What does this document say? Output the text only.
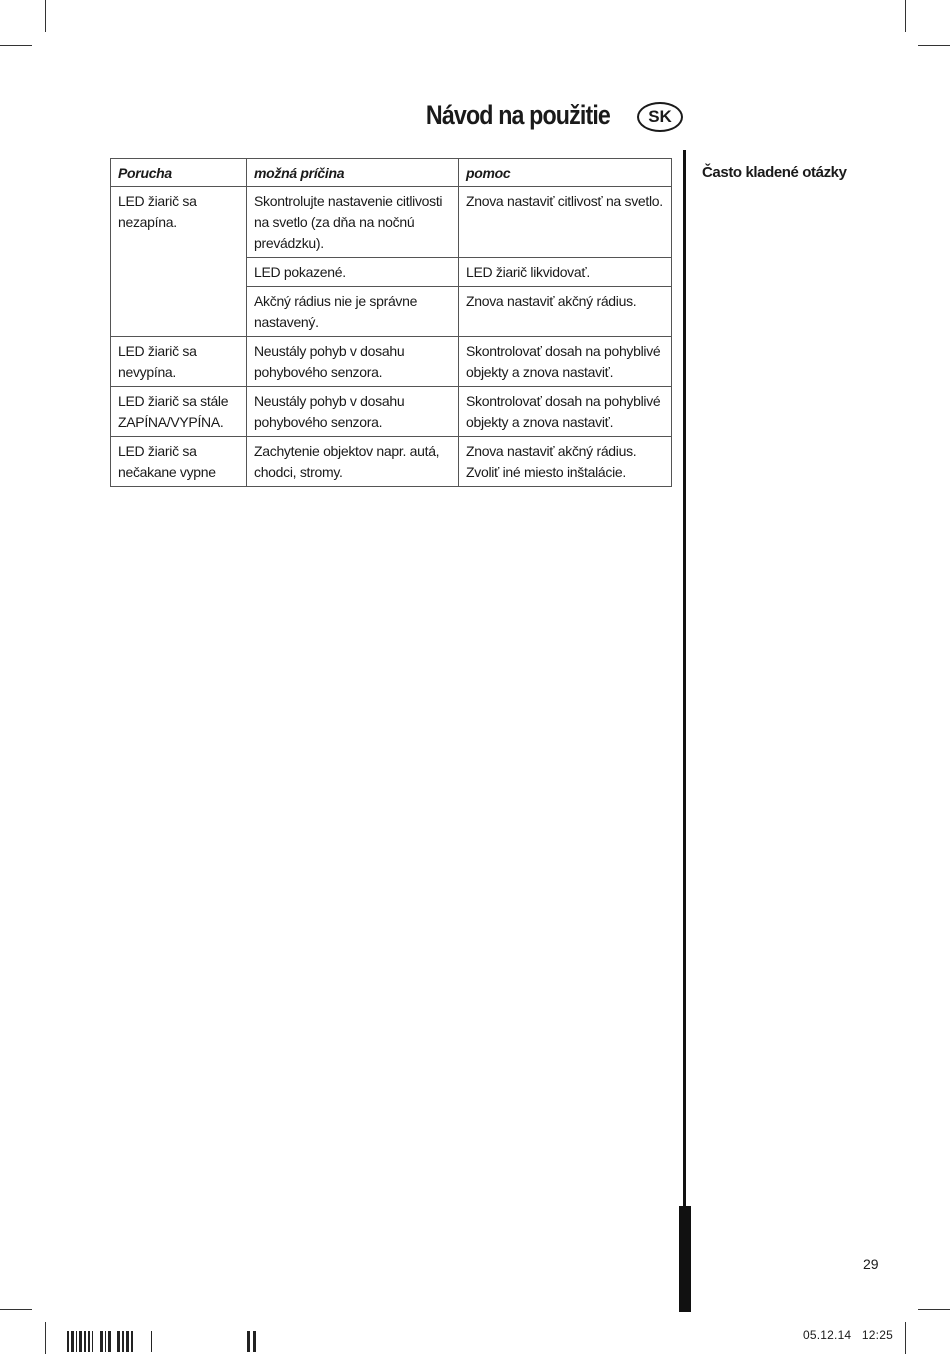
Návod na použitie SK
Porucha	možná príčina	pomoc
LED žiarič sa nezapína.	Skontrolujte nastavenie citlivosti na svetlo (za dňa na nočnú prevádzku).	Znova nastaviť citlivosť na svetlo.
	LED pokazené.	LED žiarič likvidovať.
	Akčný rádius nie je správne nastavený.	Znova nastaviť akčný rádius.
LED žiarič sa nevypína.	Neustály pohyb v dosahu pohybového senzora.	Skontrolovať dosah na pohyblivé objekty a znova nastaviť.
LED žiarič sa stále ZAPÍNA/VYPÍNA.	Neustály pohyb v dosahu pohybového senzora.	Skontrolovať dosah na pohyblivé objekty a znova nastaviť.
LED žiarič sa nečakane vypne	Zachytenie objektov napr. autá, chodci, stromy.	Znova nastaviť akčný rádius. Zvoliť iné miesto inštalácie.
Často kladené otázky
29
05.12.14 12:25
